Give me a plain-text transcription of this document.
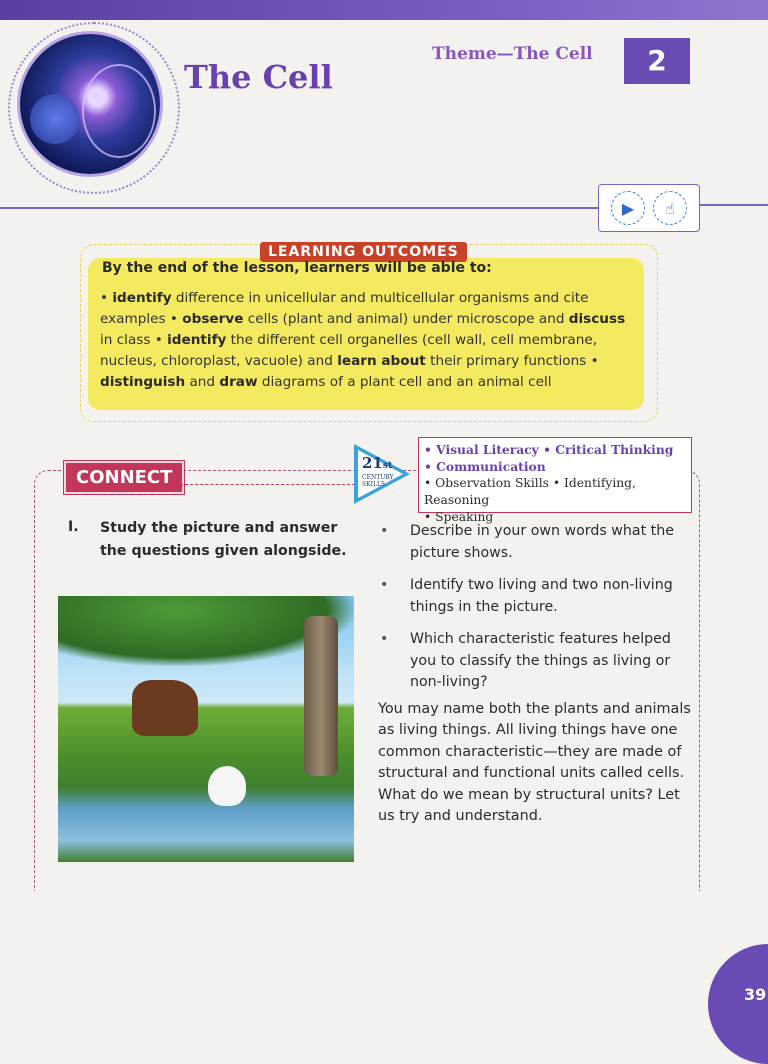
The Cell
Theme—The Cell	2
▶	☝
LEARNING OUTCOMES
By the end of the lesson, learners will be able to:
• identify difference in unicellular and multicellular organisms and cite examples • observe cells (plant and animal) under microscope and discuss in class • identify the different cell organelles (cell wall, cell membrane, nucleus, chloroplast, vacuole) and learn about their primary functions • distinguish and draw diagrams of a plant cell and an animal cell
CONNECT
21st
CENTURY SKILLS
• Visual Literacy • Critical Thinking
• Communication
• Observation Skills • Identifying, Reasoning
• Speaking
I. Study the picture and answer the questions given alongside.
• Describe in your own words what the picture shows.
• Identify two living and two non-living things in the picture.
• Which characteristic features helped you to classify the things as living or non-living?
You may name both the plants and animals as living things. All living things have one common characteristic—they are made of structural and functional units called cells. What do we mean by structural units? Let us try and understand.
39
